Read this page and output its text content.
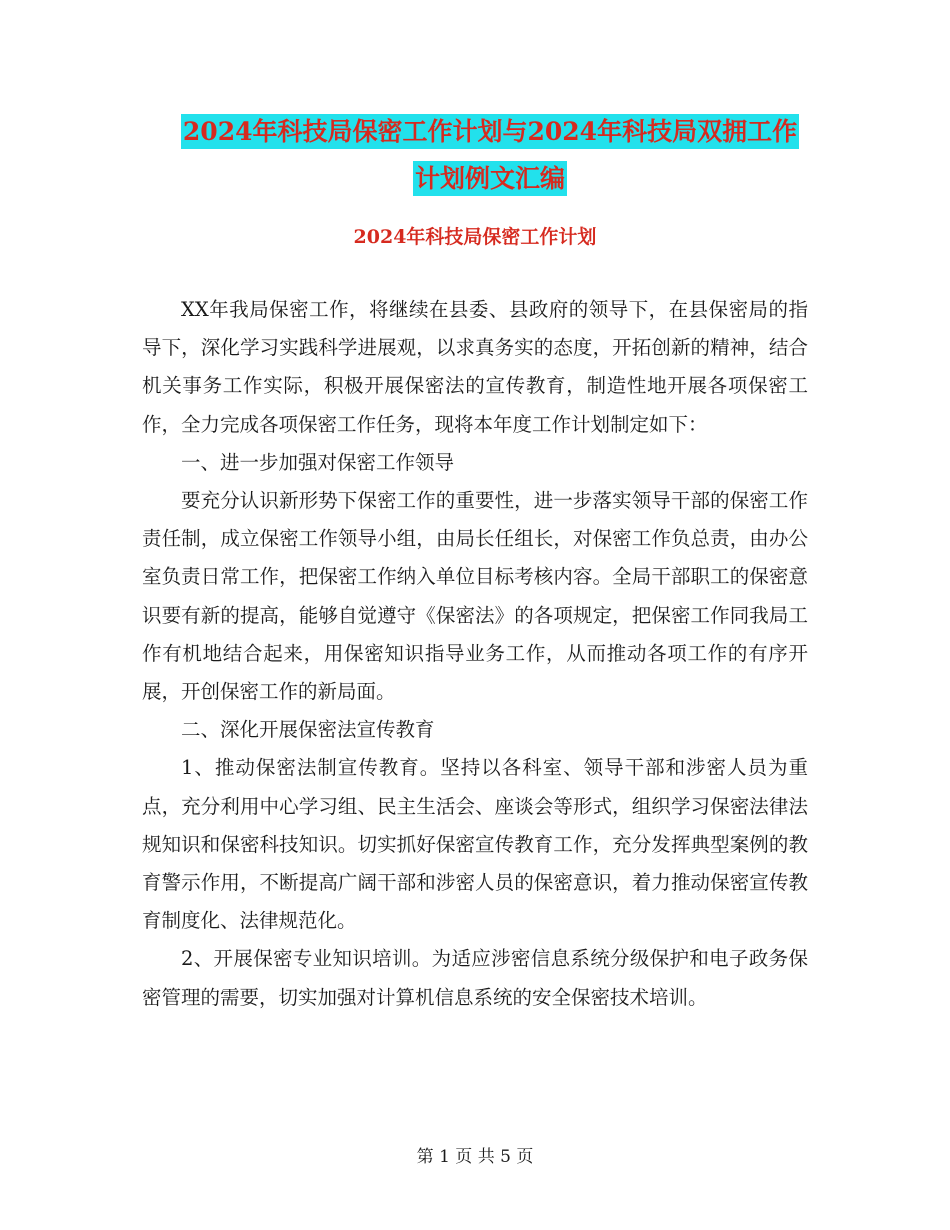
2024年科技局保密工作计划与2024年科技局双拥工作
计划例文汇编
2024年科技局保密工作计划

XX年我局保密工作，将继续在县委、县政府的领导下，在县保密局的指导下，深化学习实践科学进展观，以求真务实的态度，开拓创新的精神，结合机关事务工作实际，积极开展保密法的宣传教育，制造性地开展各项保密工作，全力完成各项保密工作任务，现将本年度工作计划制定如下：

一、进一步加强对保密工作领导

要充分认识新形势下保密工作的重要性，进一步落实领导干部的保密工作责任制，成立保密工作领导小组，由局长任组长，对保密工作负总责，由办公室负责日常工作，把保密工作纳入单位目标考核内容。全局干部职工的保密意识要有新的提高，能够自觉遵守《保密法》的各项规定，把保密工作同我局工作有机地结合起来，用保密知识指导业务工作，从而推动各项工作的有序开展，开创保密工作的新局面。

二、深化开展保密法宣传教育

1、推动保密法制宣传教育。坚持以各科室、领导干部和涉密人员为重点，充分利用中心学习组、民主生活会、座谈会等形式，组织学习保密法律法规知识和保密科技知识。切实抓好保密宣传教育工作，充分发挥典型案例的教育警示作用，不断提高广阔干部和涉密人员的保密意识，着力推动保密宣传教育制度化、法律规范化。

2、开展保密专业知识培训。为适应涉密信息系统分级保护和电子政务保密管理的需要，切实加强对计算机信息系统的安全保密技术培训。

第 1 页 共 5 页
